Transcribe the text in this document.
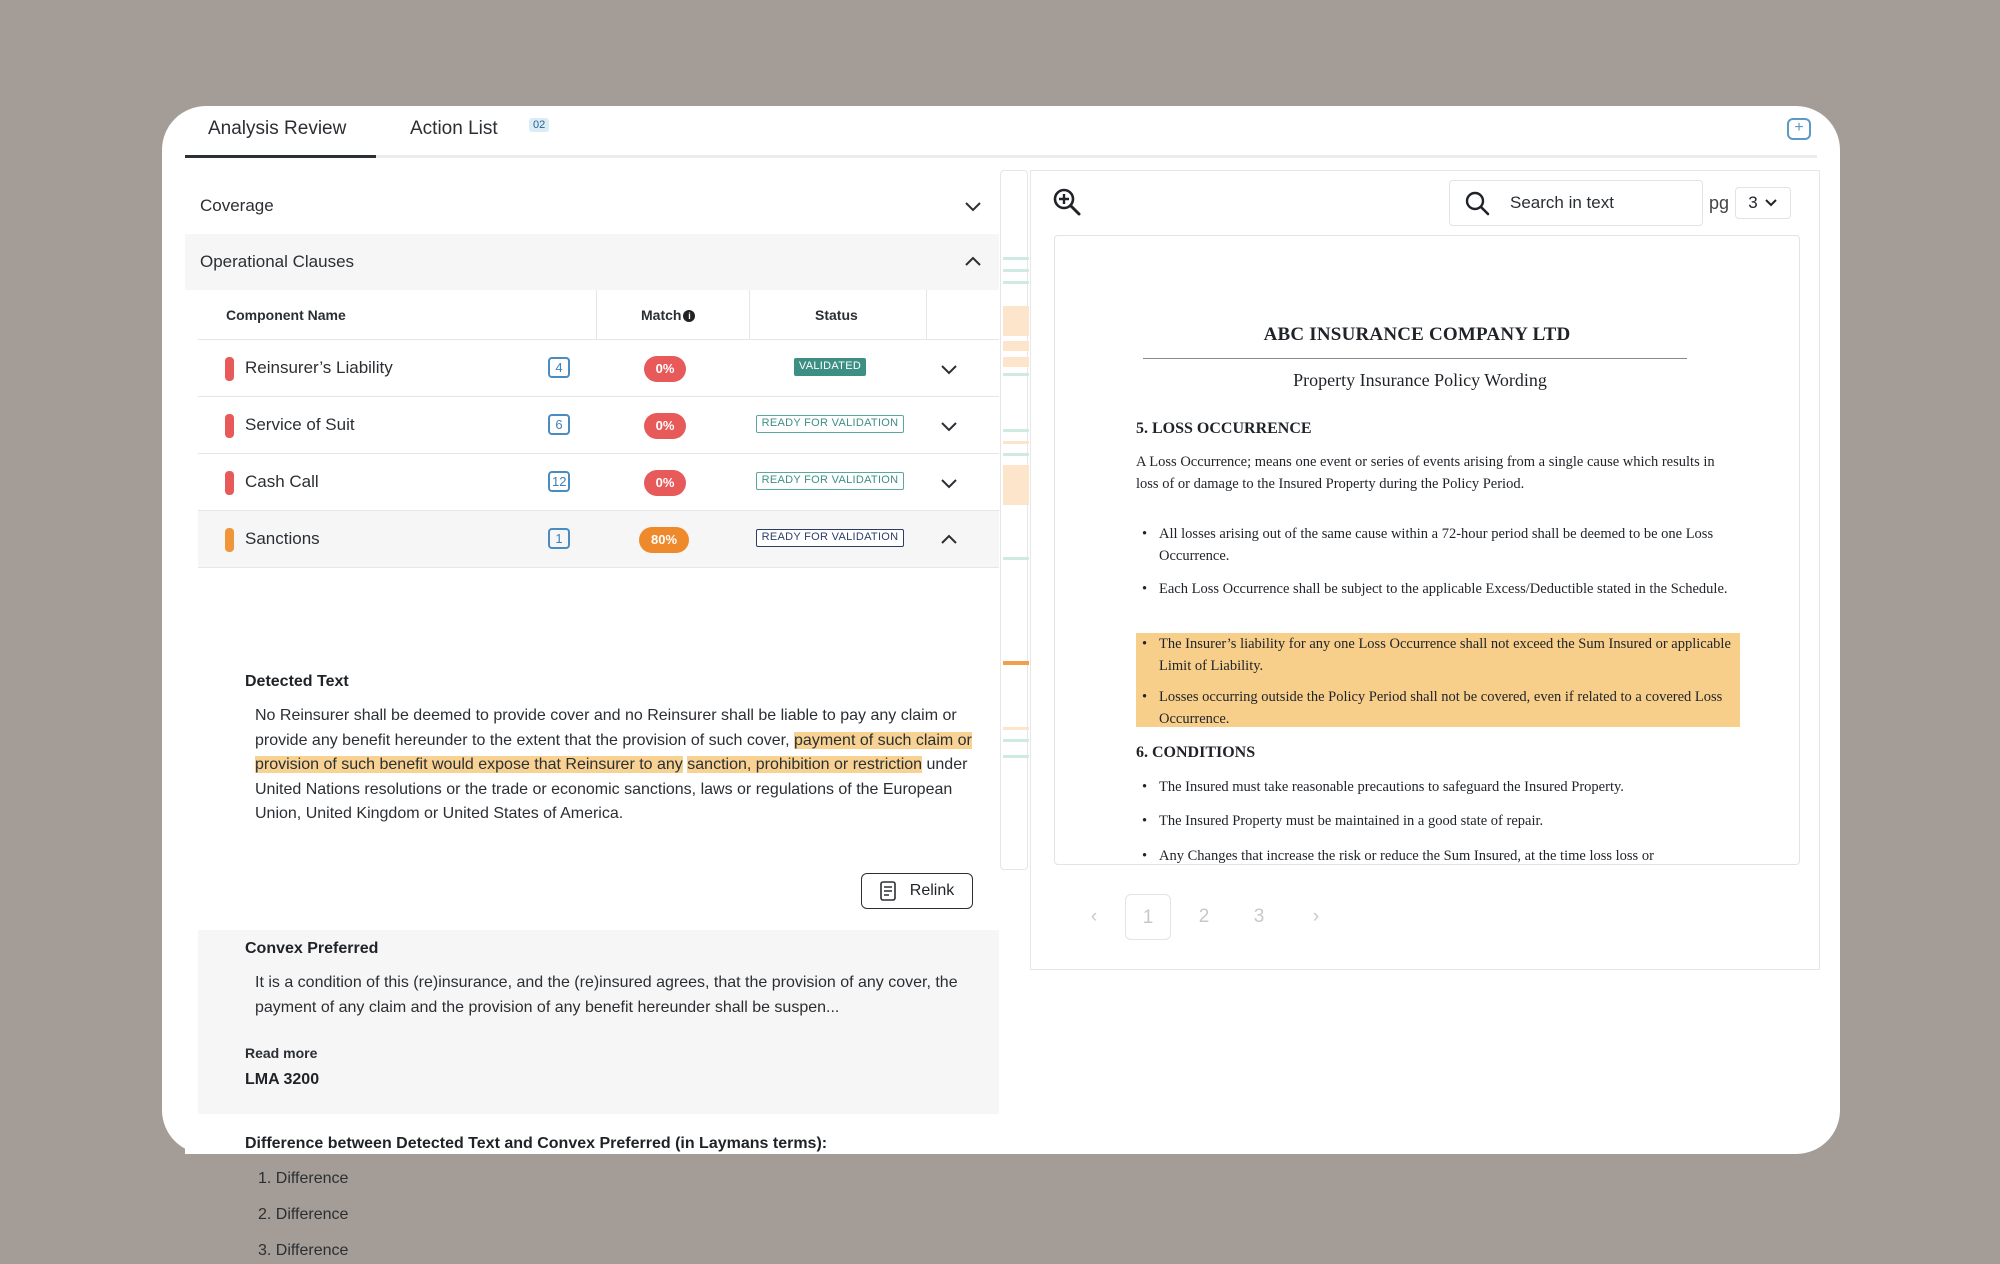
Analysis Review	Action List	02	+
Coverage
Operational Clauses
Component Name	Match i	Status
Reinsurer’s Liability	4	0%	VALIDATED
Service of Suit	6	0%	READY FOR VALIDATION
Cash Call	12	0%	READY FOR VALIDATION
Sanctions	1	80%	READY FOR VALIDATION
Detected Text
No Reinsurer shall be deemed to provide cover and no Reinsurer shall be liable to pay any claim or provide any benefit hereunder to the extent that the provision of such cover, payment of such claim or provision of such benefit would expose that Reinsurer to any sanction, prohibition or restriction under United Nations resolutions or the trade or economic sanctions, laws or regulations of the European Union, United Kingdom or United States of America.
Relink
Convex Preferred
It is a condition of this (re)insurance, and the (re)insured agrees, that the provision of any cover, the payment of any claim and the provision of any benefit hereunder shall be suspen...
Read more
LMA 3200
Difference between Detected Text and Convex Preferred (in Laymans terms):
1. Difference
2. Difference
3. Difference
Search in text
pg 3
ABC INSURANCE COMPANY LTD
Property Insurance Policy Wording
5. LOSS OCCURRENCE
A Loss Occurrence; means one event or series of events arising from a single cause which results in loss of or damage to the Insured Property during the Policy Period.
• All losses arising out of the same cause within a 72-hour period shall be deemed to be one Loss Occurrence.
• Each Loss Occurrence shall be subject to the applicable Excess/Deductible stated in the Schedule.
• The Insurer’s liability for any one Loss Occurrence shall not exceed the Sum Insured or applicable Limit of Liability.
• Losses occurring outside the Policy Period shall not be covered, even if related to a covered Loss Occurrence.
6. CONDITIONS
• The Insured must take reasonable precautions to safeguard the Insured Property.
• The Insured Property must be maintained in a good state of repair.
• Any Changes that increase the risk or reduce the Sum Insured, at the time loss loss or
‹	1	2	3	›
